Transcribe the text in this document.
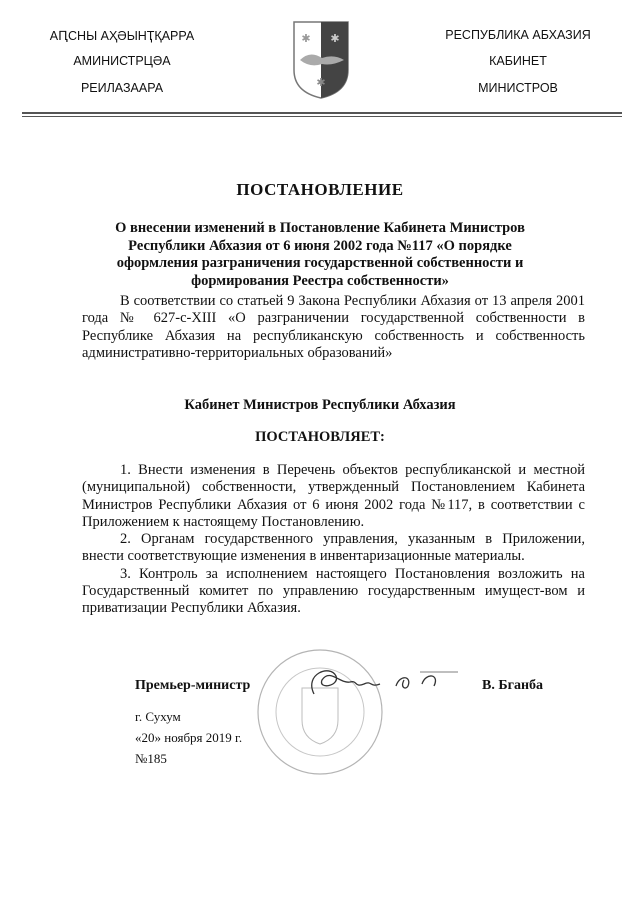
АԤСНЫ АҲӘЫНҬҚАРРА
АМИНИСТРЦӘА
РЕИЛАЗААРА
✱ ✱
✱
РЕСПУБЛИКА АБХАЗИЯ
КАБИНЕТ
МИНИСТРОВ
ПОСТАНОВЛЕНИЕ
О внесении изменений в Постановление Кабинета Министров Республики Абхазия от 6 июня 2002 года №117 «О порядке оформления разграничения государственной собственности и формирования Реестра собственности»
В соответствии со статьей 9 Закона Республики Абхазия от 13 апреля 2001 года № 627-с-XIII «О разграничении государственной собственности в Республике Абхазия на республиканскую собственность и собственность административно-территориальных образований»
Кабинет Министров Республики Абхазия
ПОСТАНОВЛЯЕТ:

1. Внести изменения в Перечень объектов республиканской и местной (муниципальной) собственности, утвержденный Постановлением Кабинета Министров Республики Абхазия от 6 июня 2002 года №117, в соответствии с Приложением к настоящему Постановлению.

2. Органам государственного управления, указанным в Приложении, внести соответствующие изменения в инвентаризационные материалы.

3. Контроль за исполнением настоящего Постановления возложить на Государственный комитет по управлению государственным имущест-вом и приватизации Республики Абхазия.

Премьер-министр	В. Бганба
г. Сухум
«20» ноября 2019 г.
№185
